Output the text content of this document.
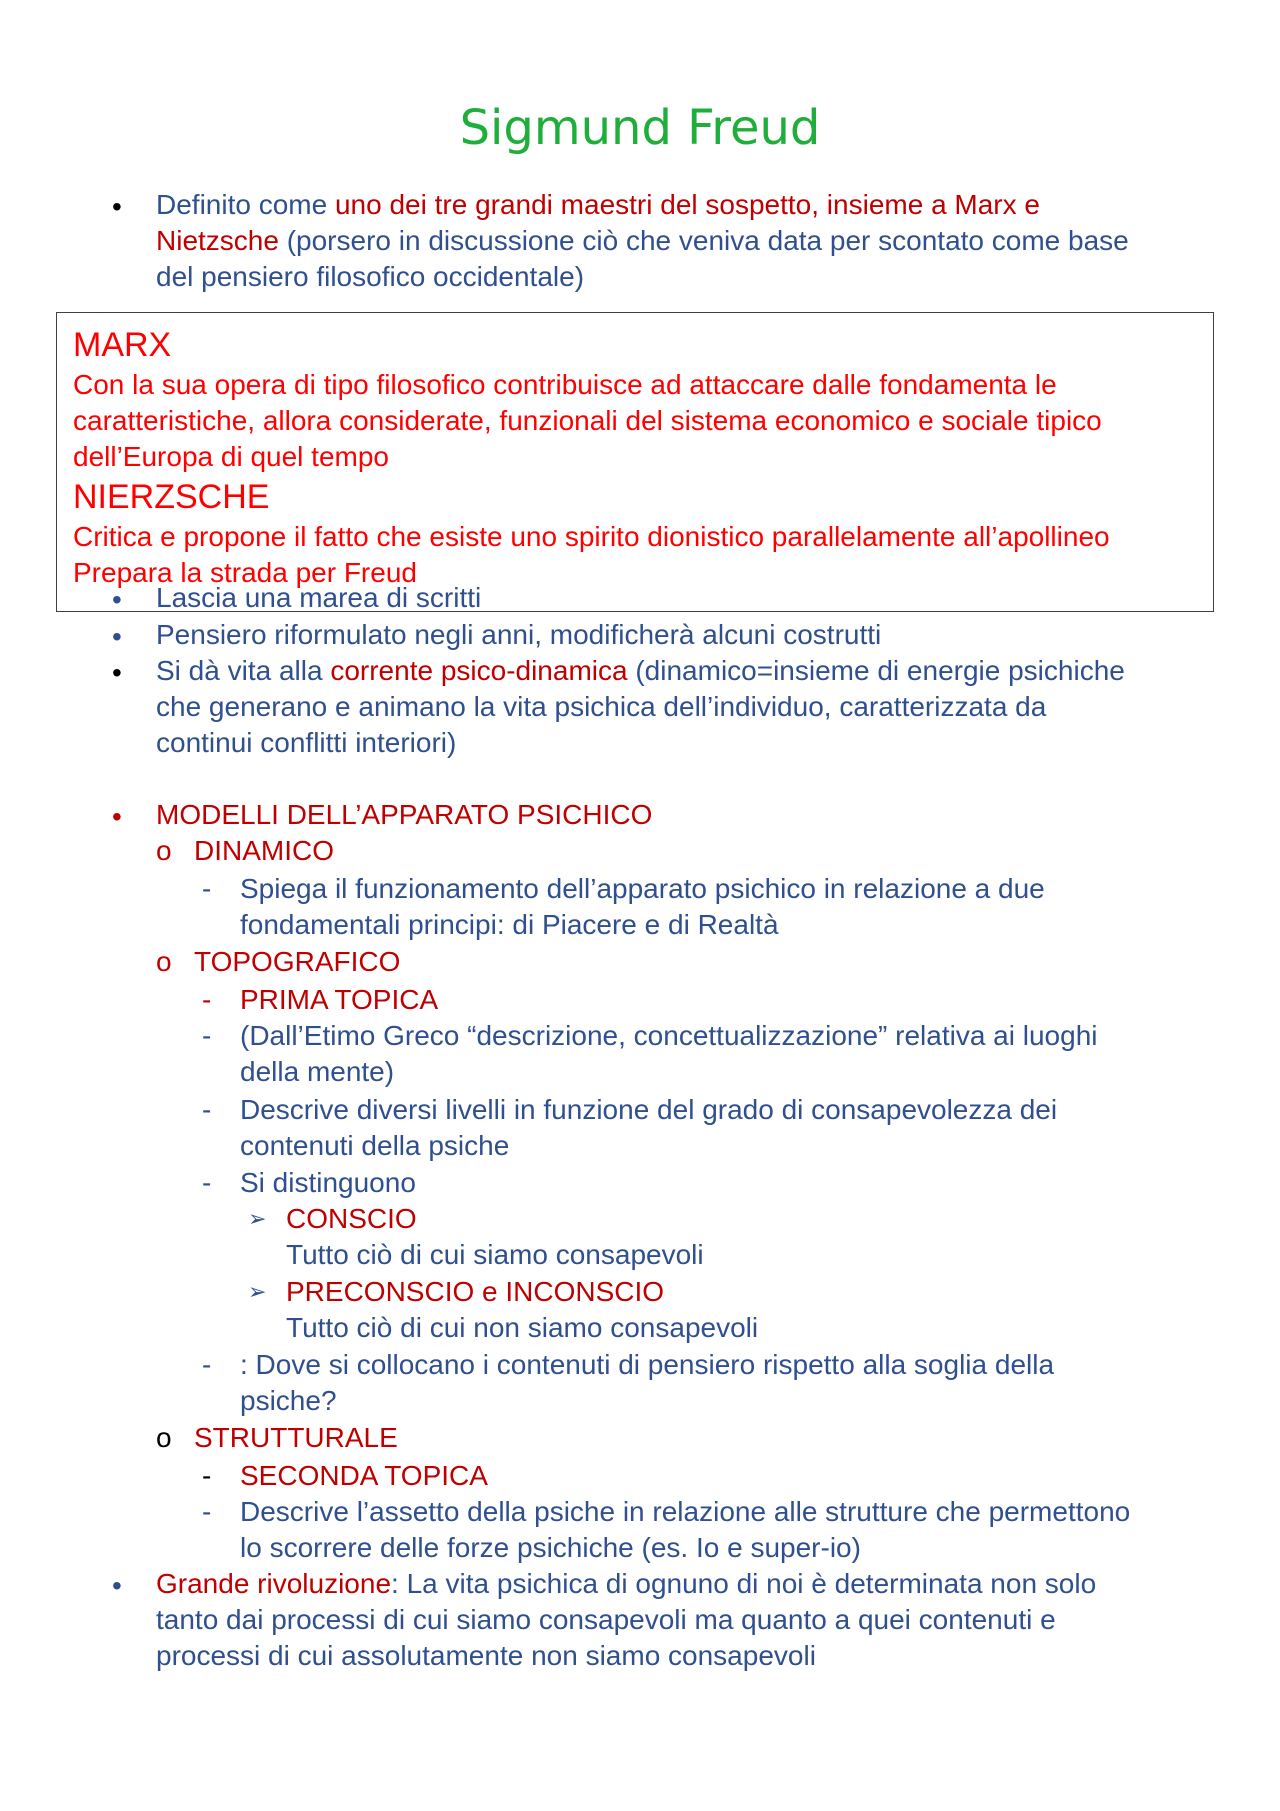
Sigmund Freud
• Definito come uno dei tre grandi maestri del sospetto, insieme a Marx e
Nietzsche (porsero in discussione ciò che veniva data per scontato come base
del pensiero filosofico occidentale)
MARX
Con la sua opera di tipo filosofico contribuisce ad attaccare dalle fondamenta le
caratteristiche, allora considerate, funzionali del sistema economico e sociale tipico
dell’Europa di quel tempo
NIERZSCHE
Critica e propone il fatto che esiste uno spirito dionistico parallelamente all’apollineo
Prepara la strada per Freud
• Lascia una marea di scritti
• Pensiero riformulato negli anni, modificherà alcuni costrutti
• Si dà vita alla corrente psico-dinamica (dinamico=insieme di energie psichiche
che generano e animano la vita psichica dell’individuo, caratterizzata da
continui conflitti interiori)
• MODELLI DELL’APPARATO PSICHICO
o DINAMICO
- Spiega il funzionamento dell’apparato psichico in relazione a due
fondamentali principi: di Piacere e di Realtà
o TOPOGRAFICO
- PRIMA TOPICA
- (Dall’Etimo Greco “descrizione, concettualizzazione” relativa ai luoghi
della mente)
- Descrive diversi livelli in funzione del grado di consapevolezza dei
contenuti della psiche
- Si distinguono
➢ CONSCIO
Tutto ciò di cui siamo consapevoli
➢ PRECONSCIO e INCONSCIO
Tutto ciò di cui non siamo consapevoli
- : Dove si collocano i contenuti di pensiero rispetto alla soglia della
psiche?
o STRUTTURALE
- SECONDA TOPICA
- Descrive l’assetto della psiche in relazione alle strutture che permettono
lo scorrere delle forze psichiche (es. Io e super-io)
• Grande rivoluzione: La vita psichica di ognuno di noi è determinata non solo
tanto dai processi di cui siamo consapevoli ma quanto a quei contenuti e
processi di cui assolutamente non siamo consapevoli
